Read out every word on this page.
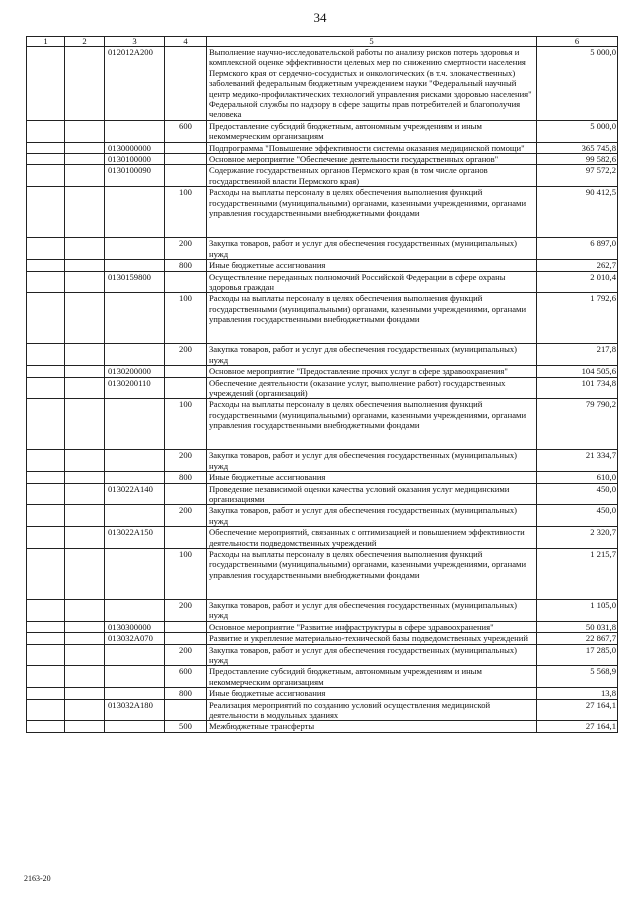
34
1	2	3	4	5	6
		012012A200		Выполнение научно-исследовательской работы по анализу рисков потерь здоровья и комплексной оценке эффективности целевых мер по снижению смертности населения Пермского края от сердечно-сосудистых и онкологических (в т.ч. злокачественных) заболеваний федеральным бюджетным учреждением науки "Федеральный научный центр медико-профилактических технологий управления рисками здоровью населения" Федеральной службы по надзору в сфере защиты прав потребителей и благополучия человека	5 000,0
			600	Предоставление субсидий бюджетным, автономным учреждениям и иным некоммерческим организациям	5 000,0
		0130000000		Подпрограмма "Повышение эффективности системы оказания медицинской помощи"	365 745,8
		0130100000		Основное мероприятие "Обеспечение деятельности государственных органов"	99 582,6
		0130100090		Содержание государственных органов Пермского края (в том числе органов государственной власти Пермского края)	97 572,2
			100	Расходы на выплаты персоналу в целях обеспечения выполнения функций государственными (муниципальными) органами, казенными учреждениями, органами управления государственными внебюджетными фондами	90 412,5
			200	Закупка товаров, работ и услуг для обеспечения государственных (муниципальных) нужд	6 897,0
			800	Иные бюджетные ассигнования	262,7
		0130159800		Осуществление переданных полномочий Российской Федерации в сфере охраны здоровья граждан	2 010,4
			100	Расходы на выплаты персоналу в целях обеспечения выполнения функций государственными (муниципальными) органами, казенными учреждениями, органами управления государственными внебюджетными фондами	1 792,6
			200	Закупка товаров, работ и услуг для обеспечения государственных (муниципальных) нужд	217,8
		0130200000		Основное мероприятие "Предоставление прочих услуг в сфере здравоохранения"	104 505,6
		0130200110		Обеспечение деятельности (оказание услуг, выполнение работ) государственных учреждений (организаций)	101 734,8
			100	Расходы на выплаты персоналу в целях обеспечения выполнения функций государственными (муниципальными) органами, казенными учреждениями, органами управления государственными внебюджетными фондами	79 790,2
			200	Закупка товаров, работ и услуг для обеспечения государственных (муниципальных) нужд	21 334,7
			800	Иные бюджетные ассигнования	610,0
		013022А140		Проведение независимой оценки качества условий оказания услуг медицинскими организациями	450,0
			200	Закупка товаров, работ и услуг для обеспечения государственных (муниципальных) нужд	450,0
		013022А150		Обеспечение мероприятий, связанных с оптимизацией и повышением эффективности деятельности подведомственных учреждений	2 320,7
			100	Расходы на выплаты персоналу в целях обеспечения выполнения функций государственными (муниципальными) органами, казенными учреждениями, органами управления государственными внебюджетными фондами	1 215,7
			200	Закупка товаров, работ и услуг для обеспечения государственных (муниципальных) нужд	1 105,0
		0130300000		Основное мероприятие "Развитие инфраструктуры в сфере здравоохранения"	50 031,8
		013032А070		Развитие и укрепление материально-технической базы подведомственных учреждений	22 867,7
			200	Закупка товаров, работ и услуг для обеспечения государственных (муниципальных) нужд	17 285,0
			600	Предоставление субсидий бюджетным, автономным учреждениям и иным некоммерческим организациям	5 568,9
			800	Иные бюджетные ассигнования	13,8
		013032А180		Реализация мероприятий по созданию условий осуществления медицинской деятельности в модульных зданиях	27 164,1
			500	Межбюджетные трансферты	27 164,1
2163-20
